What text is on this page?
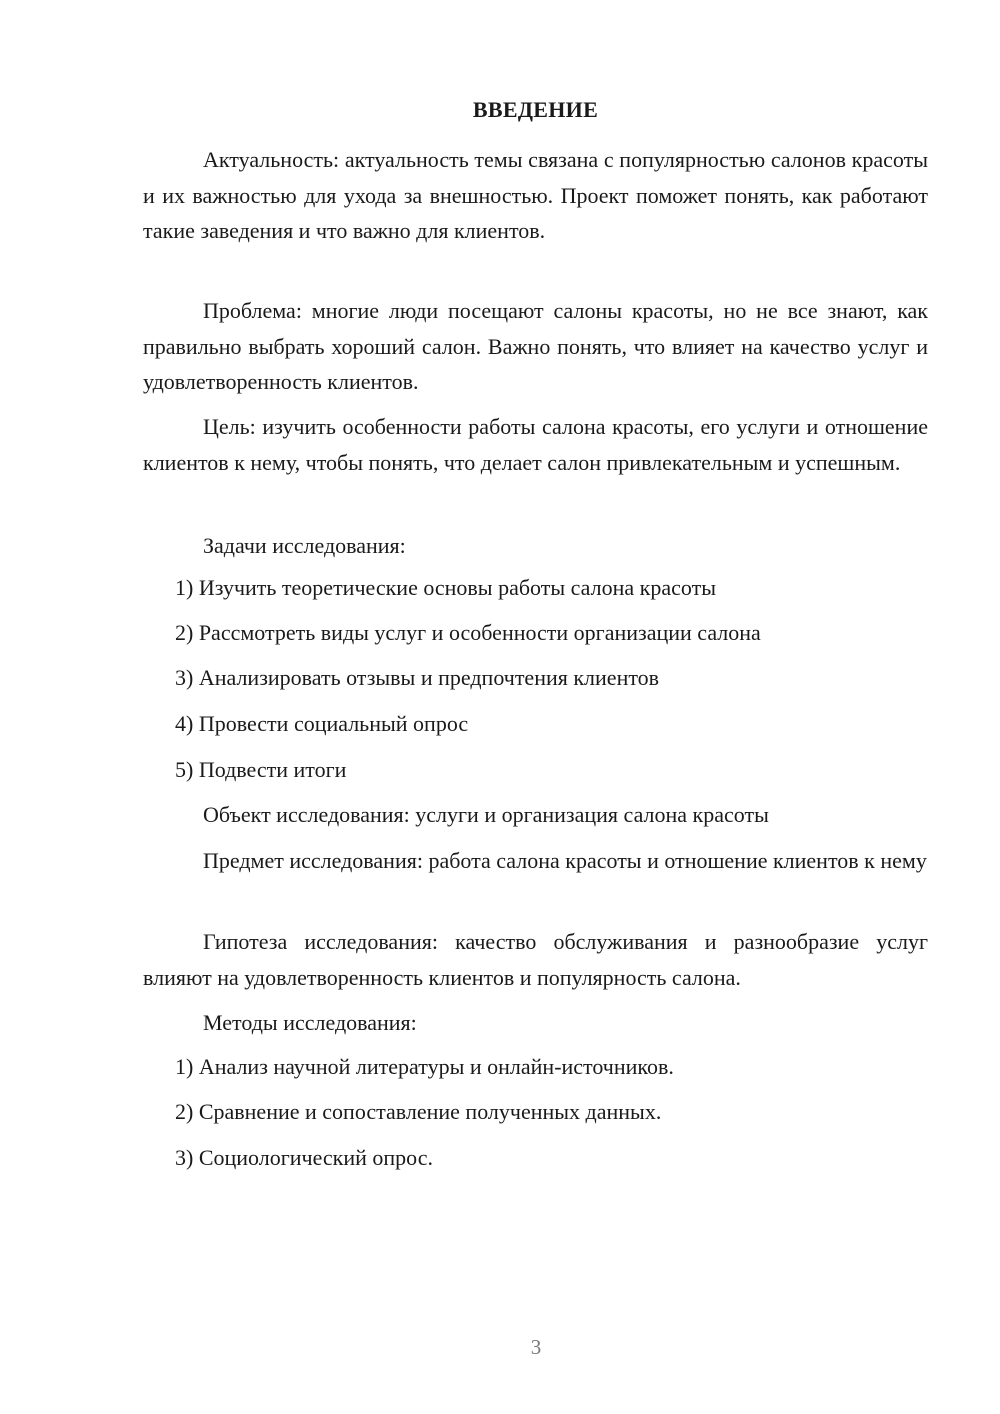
ВВЕДЕНИЕ

Актуальность: актуальность темы связана с популярностью салонов красоты и их важностью для ухода за внешностью. Проект поможет понять, как работают такие заведения и что важно для клиентов.

Проблема: многие люди посещают салоны красоты, но не все знают, как правильно выбрать хороший салон. Важно понять, что влияет на качество услуг и удовлетворенность клиентов.

Цель: изучить особенности работы салона красоты, его услуги и отношение клиентов к нему, чтобы понять, что делает салон привлекательным и успешным.

Задачи исследования:

1) Изучить теоретические основы работы салона красоты

2) Рассмотреть виды услуг и особенности организации салона

3) Анализировать отзывы и предпочтения клиентов

4) Провести социальный опрос

5) Подвести итоги

Объект исследования: услуги и организация салона красоты

Предмет исследования: работа салона красоты и отношение клиентов к нему

Гипотеза исследования: качество обслуживания и разнообразие услуг влияют на удовлетворенность клиентов и популярность салона.

Методы исследования:

1) Анализ научной литературы и онлайн-источников.

2) Сравнение и сопоставление полученных данных.

3) Социологический опрос.

3
